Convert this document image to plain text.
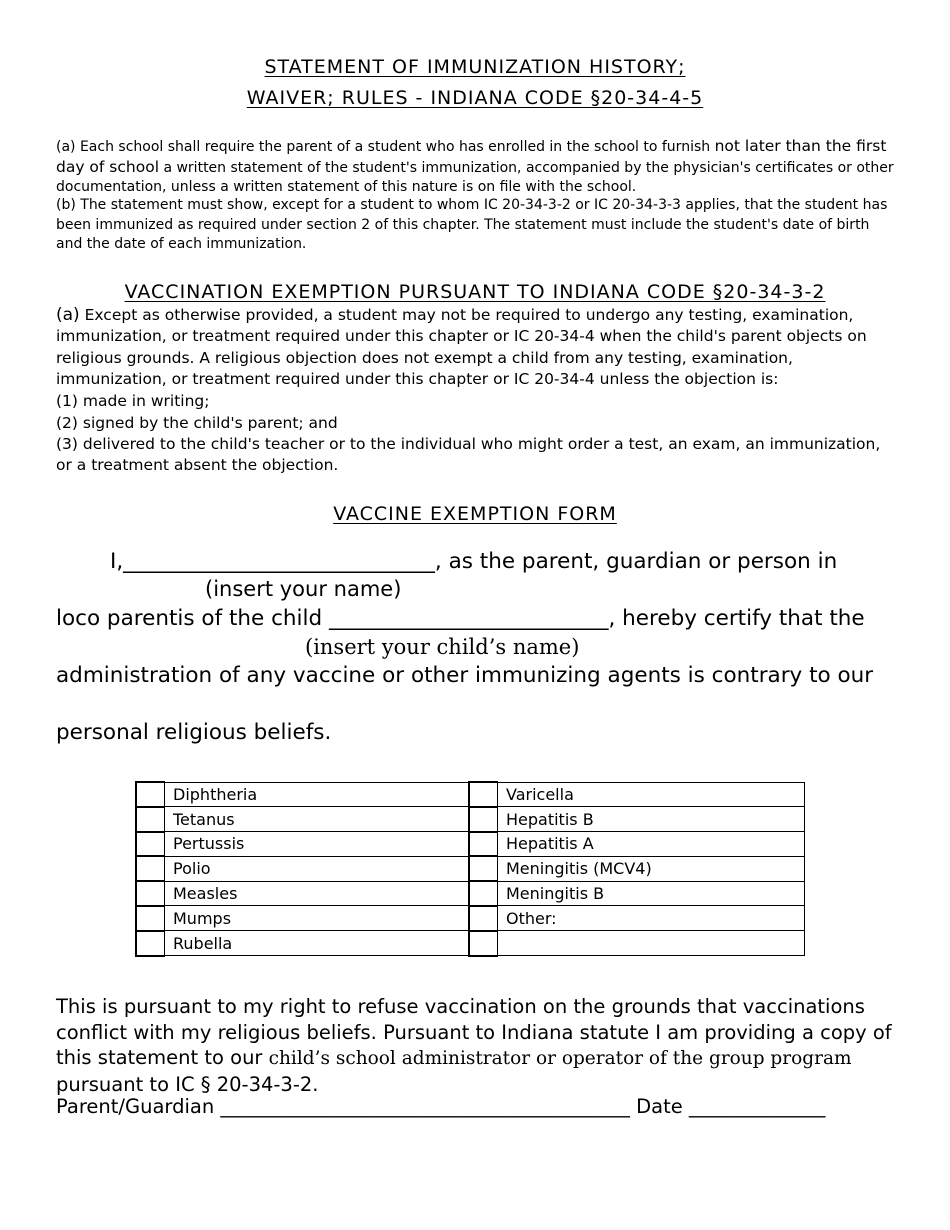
STATEMENT OF IMMUNIZATION HISTORY;
WAIVER; RULES - INDIANA CODE §20-34-4-5
(a) Each school shall require the parent of a student who has enrolled in the school to furnish not later than the first day of school a written statement of the student's immunization, accompanied by the physician's certificates or other documentation, unless a written statement of this nature is on file with the school.
(b) The statement must show, except for a student to whom IC 20-34-3-2 or IC 20-34-3-3 applies, that the student has been immunized as required under section 2 of this chapter. The statement must include the student's date of birth and the date of each immunization.
VACCINATION EXEMPTION PURSUANT TO INDIANA CODE §20-34-3-2
(a) Except as otherwise provided, a student may not be required to undergo any testing, examination, immunization, or treatment required under this chapter or IC 20-34-4 when the child's parent objects on religious grounds. A religious objection does not exempt a child from any testing, examination, immunization, or treatment required under this chapter or IC 20-34-4 unless the objection is:
(1) made in writing;
(2) signed by the child's parent; and
(3) delivered to the child's teacher or to the individual who might order a test, an exam, an immunization, or a treatment absent the objection.
VACCINE EXEMPTION FORM
I,_____________________________, as the parent, guardian or person in
(insert your name)
loco parentis of the child __________________________, hereby certify that the
(insert your child’s name)
administration of any vaccine or other immunizing agents is contrary to our
personal religious beliefs.
	Diphtheria		Varicella
	Tetanus		Hepatitis B
	Pertussis		Hepatitis A
	Polio		Meningitis (MCV4)
	Measles		Meningitis B
	Mumps		Other:
	Rubella		
This is pursuant to my right to refuse vaccination on the grounds that vaccinations conflict with my religious beliefs. Pursuant to Indiana statute I am providing a copy of this statement to our child’s school administrator or operator of the group program pursuant to IC § 20-34-3-2.
Parent/Guardian __________________________________________ Date ______________
